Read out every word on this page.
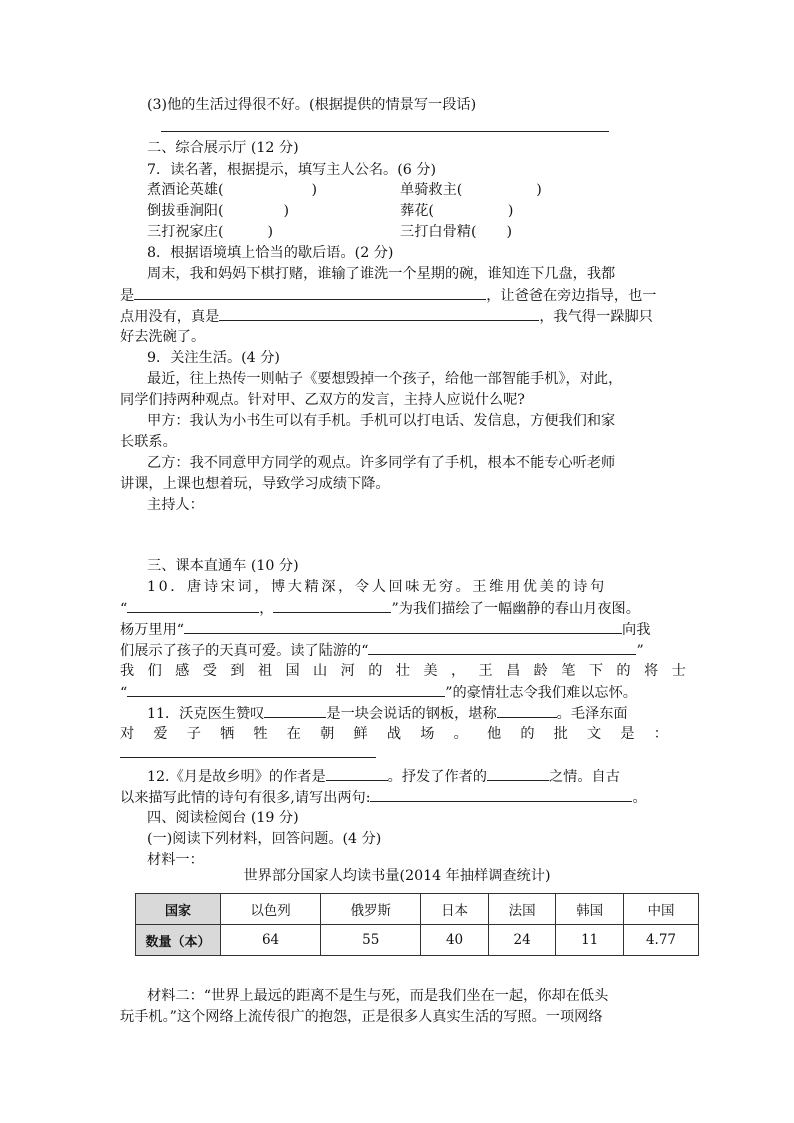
(3)他的生活过得很不好。(根据提供的情景写一段话)
二、综合展示厅 (12 分)
7．读名著，根据提示，填写主人公名。(6 分)
煮酒论英雄(	)	单骑救主(	)
倒拔垂涧阳(	)	葬花(	)
三打祝家庄(	)	三打白骨精( )
8．根据语境填上恰当的歇后语。(2 分)
周末，我和妈妈下棋打赌，谁输了谁洗一个星期的碗，谁知连下几盘，我都
是	，让爸爸在旁边指导，也一
点用没有，真是	，我气得一跺脚只
好去洗碗了。
9．关注生活。(4 分)
最近，往上热传一则帖子《要想毁掉一个孩子，给他一部智能手机》，对此，
同学们持两种观点。针对甲、乙双方的发言，主持人应说什么呢?
甲方：我认为小书生可以有手机。手机可以打电话、发信息，方便我们和家
长联系。
乙方：我不同意甲方同学的观点。许多同学有了手机，根本不能专心听老师
讲课，上课也想着玩，导致学习成绩下降。
主持人：
三、课本直通车 (10 分)
10．唐诗宋词，博大精深，令人回味无穷。王维用优美的诗句
“	，	”为我们描绘了一幅幽静的春山月夜图。
杨万里用“	向我
们展示了孩子的天真可爱。读了陆游的“	”
我 们 感 受 到 祖 国 山 河 的 壮 美 ， 王 昌 龄 笔 下 的 将 士
“	”的豪情壮志令我们难以忘怀。
11．沃克医生赞叹	是一块会说话的钢板，堪称	。毛泽东面
对 爱 子 牺 牲 在 朝 鲜 战 场 。 他 的 批 文 是 ：
12.《月是故乡明》的作者是	。抒发了作者的	之情。自古
以来描写此情的诗句有很多,请写出两句:	。
四、阅读检阅台 (19 分)
(一)阅读下列材料，回答问题。(4 分)
材料一：
世界部分国家人均读书量(2014 年抽样调查统计)
国家	以色列	俄罗斯	日本	法国	韩国	中国
数量（本）	64	55	40	24	11	4.77
材料二：“世界上最远的距离不是生与死，而是我们坐在一起，你却在低头
玩手机。”这个网络上流传很广的抱怨，正是很多人真实生活的写照。一项网络
